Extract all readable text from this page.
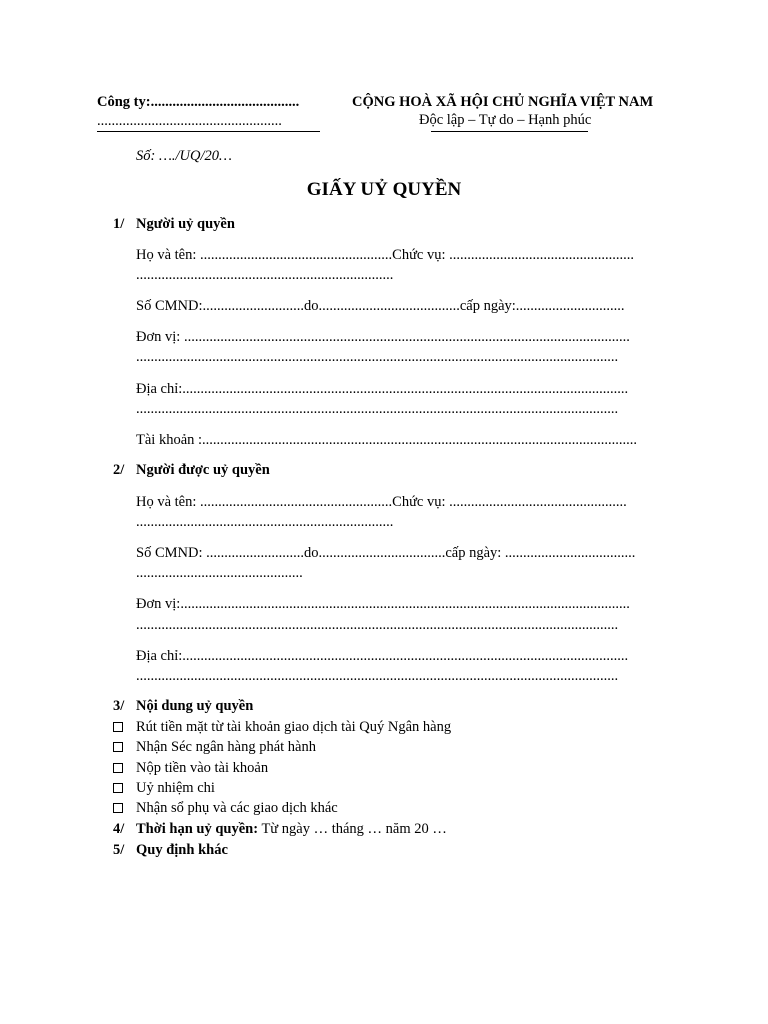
Công ty:.........................................
...................................................
CỘNG HOÀ XÃ HỘI CHỦ NGHĨA VIỆT NAM
Độc lập – Tự do – Hạnh phúc
Số: …./UQ/20…
GIẤY UỶ QUYỀN
1/ Người uỷ quyền
Họ và tên: .....................................................Chức vụ: ...................................................
.......................................................................
Số CMND:............................do.......................................cấp ngày:..............................
Đơn vị: ...........................................................................................................................
.....................................................................................................................................
Địa chỉ:...........................................................................................................................
.....................................................................................................................................
Tài khoản :........................................................................................................................
2/ Người được uỷ quyền
Họ và tên: .....................................................Chức vụ: .................................................
.......................................................................
Số CMND: ...........................do...................................cấp ngày: ....................................
..............................................
Đơn vị:............................................................................................................................
.....................................................................................................................................
Địa chỉ:...........................................................................................................................
.....................................................................................................................................
3/ Nội dung uỷ quyền
Rút tiền mặt từ tài khoản giao dịch tài Quý Ngân hàng
Nhận Séc ngân hàng phát hành
Nộp tiền vào tài khoản
Uỷ nhiệm chi
Nhận sổ phụ và các giao dịch khác
4/ Thời hạn uỷ quyền: Từ ngày … tháng … năm 20 …
5/ Quy định khác
